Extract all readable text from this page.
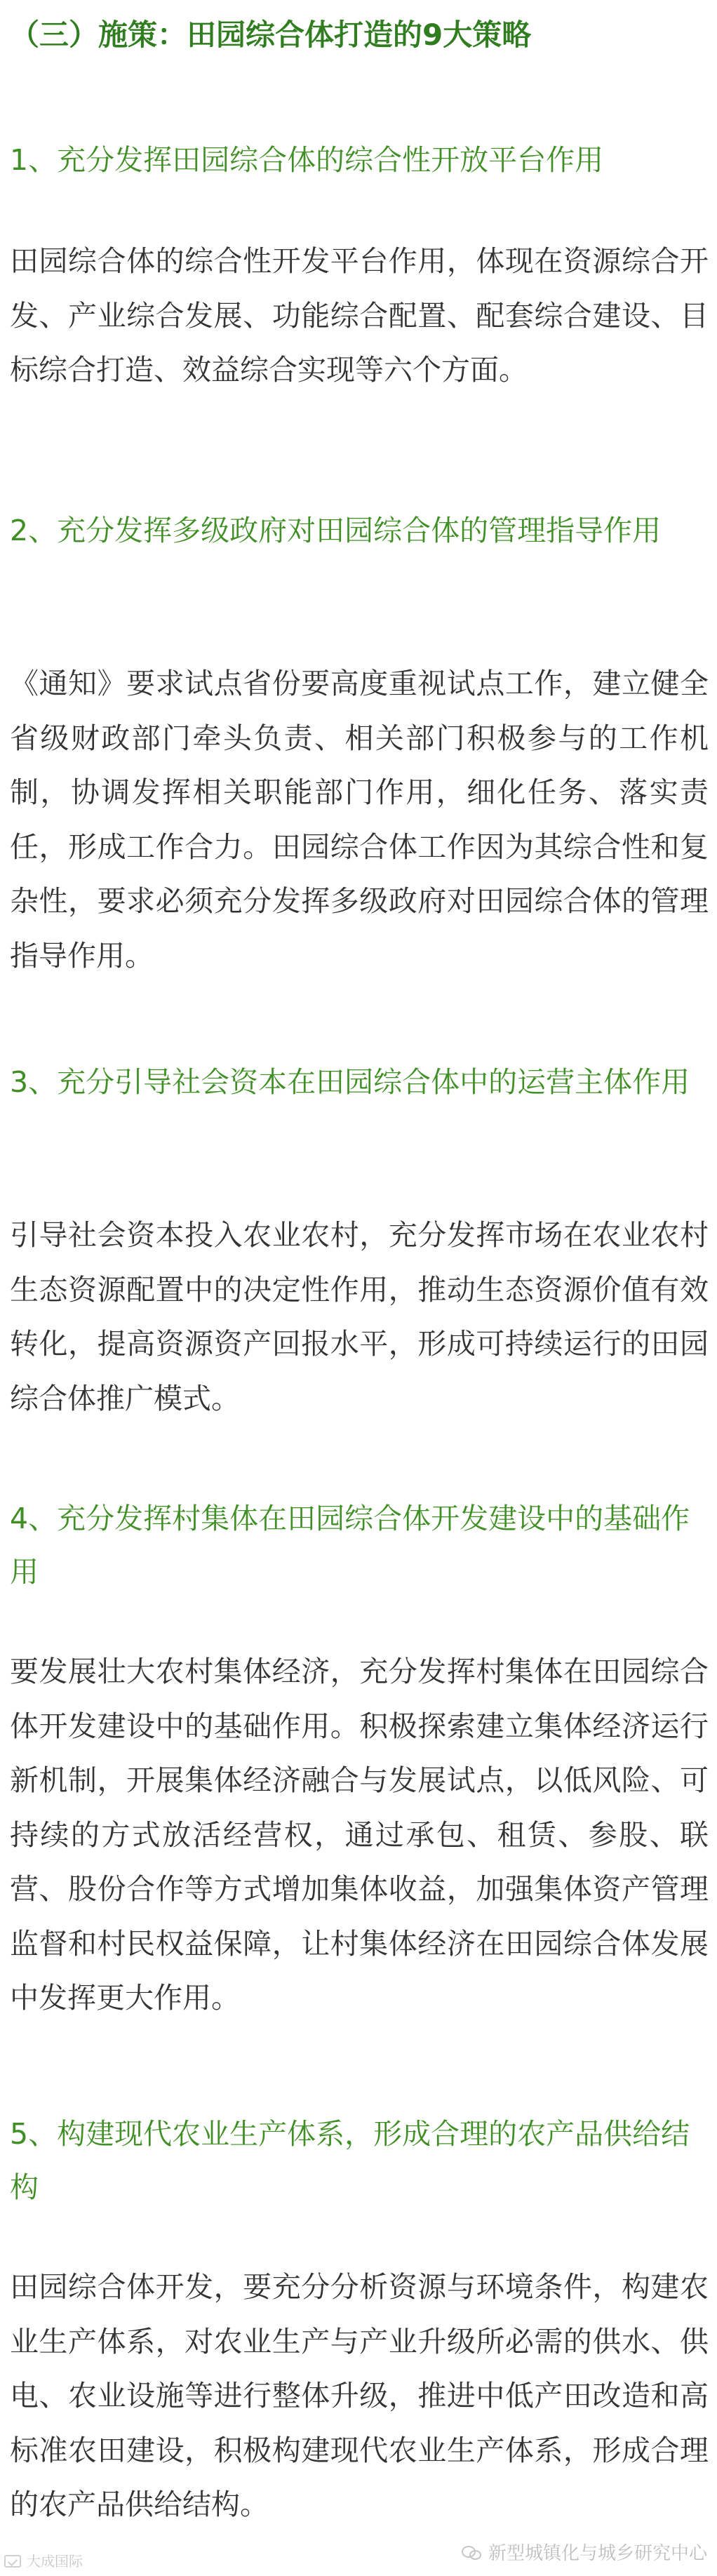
（三）施策：田园综合体打造的9大策略
1、充分发挥田园综合体的综合性开放平台作用

田园综合体的综合性开发平台作用，体现在资源综合开发、产业综合发展、功能综合配置、配套综合建设、目标综合打造、效益综合实现等六个方面。

2、充分发挥多级政府对田园综合体的管理指导作用

《通知》要求试点省份要高度重视试点工作，建立健全省级财政部门牵头负责、相关部门积极参与的工作机制，协调发挥相关职能部门作用，细化任务、落实责任，形成工作合力。田园综合体工作因为其综合性和复杂性，要求必须充分发挥多级政府对田园综合体的管理指导作用。

3、充分引导社会资本在田园综合体中的运营主体作用

引导社会资本投入农业农村，充分发挥市场在农业农村生态资源配置中的决定性作用，推动生态资源价值有效转化，提高资源资产回报水平，形成可持续运行的田园综合体推广模式。

4、充分发挥村集体在田园综合体开发建设中的基础作用

要发展壮大农村集体经济，充分发挥村集体在田园综合体开发建设中的基础作用。积极探索建立集体经济运行新机制，开展集体经济融合与发展试点，以低风险、可持续的方式放活经营权，通过承包、租赁、参股、联营、股份合作等方式增加集体收益，加强集体资产管理监督和村民权益保障，让村集体经济在田园综合体发展中发挥更大作用。

5、构建现代农业生产体系，形成合理的农产品供给结构

田园综合体开发，要充分分析资源与环境条件，构建农业生产体系，对农业生产与产业升级所必需的供水、供电、农业设施等进行整体升级，推进中低产田改造和高标准农田建设，积极构建现代农业生产体系，形成合理的农产品供给结构。

大成国际	新型城镇化与城乡研究中心
